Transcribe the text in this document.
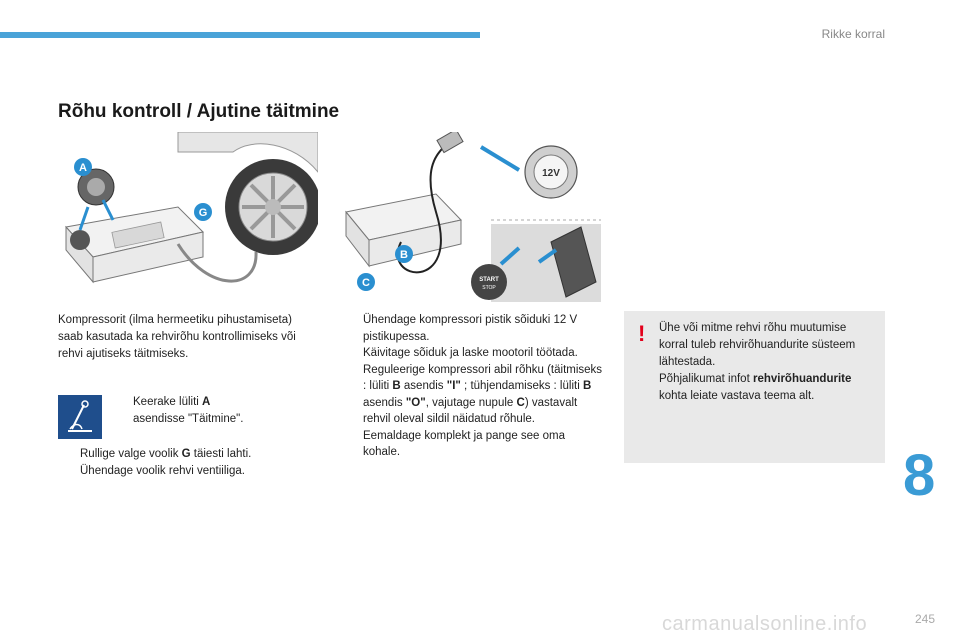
Rikke korral
Rõhu kontroll / Ajutine täitmine
A
G
12V
START
STOP
B
C

Kompressorit (ilma hermeetiku pihustamiseta) saab kasutada ka rehvirõhu kontrollimiseks või rehvi ajutiseks täitmiseks.

Keerake lüliti A asendisse "Täitmine".
Rullige valge voolik G täiesti lahti.
Ühendage voolik rehvi ventiiliga.
Ühendage kompressori pistik sõiduki 12 V pistikupessa.
Käivitage sõiduk ja laske mootoril töötada.
Reguleerige kompressori abil rõhku (täitmiseks : lüliti B asendis "I" ; tühjendamiseks : lüliti B asendis "O", vajutage nupule C) vastavalt rehvil oleval sildil näidatud rõhule.
Eemaldage komplekt ja pange see oma kohale.
! Ühe või mitme rehvi rõhu muutumise korral tuleb rehvirõhuandurite süsteem lähtestada.
Põhjalikumat infot rehvirõhuandurite kohta leiate vastava teema alt.
8
carmanualsonline.info	245
